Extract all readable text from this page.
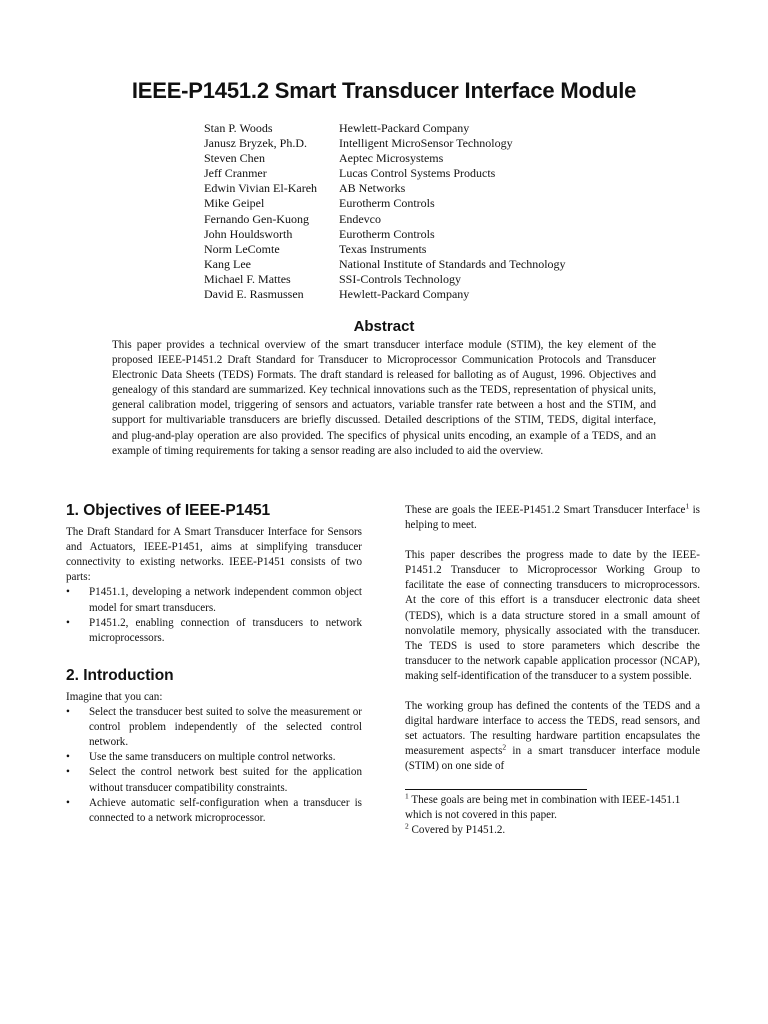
IEEE-P1451.2 Smart Transducer Interface Module
Stan P. Woods	Hewlett-Packard Company
Janusz Bryzek, Ph.D.	Intelligent MicroSensor Technology
Steven Chen	Aeptec Microsystems
Jeff Cranmer	Lucas Control Systems Products
Edwin Vivian El-Kareh	AB Networks
Mike Geipel	Eurotherm Controls
Fernando Gen-Kuong	Endevco
John Houldsworth	Eurotherm Controls
Norm LeComte	Texas Instruments
Kang Lee	National Institute of Standards and Technology
Michael F. Mattes	SSI-Controls Technology
David E. Rasmussen	Hewlett-Packard Company
Abstract
This paper provides a technical overview of the smart transducer interface module (STIM), the key element of the proposed IEEE-P1451.2 Draft Standard for Transducer to Microprocessor Communication Protocols and Transducer Electronic Data Sheets (TEDS) Formats. The draft standard is released for balloting as of August, 1996. Objectives and genealogy of this standard are summarized. Key technical innovations such as the TEDS, representation of physical units, general calibration model, triggering of sensors and actuators, variable transfer rate between a host and the STIM, and support for multivariable transducers are briefly discussed. Detailed descriptions of the STIM, TEDS, digital interface, and plug-and-play operation are also provided. The specifics of physical units encoding, an example of a TEDS, and an example of timing requirements for taking a sensor reading are also included to aid the overview.
1. Objectives of IEEE-P1451

The Draft Standard for A Smart Transducer Interface for Sensors and Actuators, IEEE-P1451, aims at simplifying transducer connectivity to existing networks. IEEE-P1451 consists of two parts:

• P1451.1, developing a network independent common object model for smart transducers.
• P1451.2, enabling connection of transducers to network microprocessors.
2. Introduction

Imagine that you can:

• Select the transducer best suited to solve the measurement or control problem independently of the selected control network.
• Use the same transducers on multiple control networks.
• Select the control network best suited for the application without transducer compatibility constraints.
• Achieve automatic self-configuration when a transducer is connected to a network microprocessor.

These are goals the IEEE-P1451.2 Smart Transducer Interface$^1$ is helping to meet.

This paper describes the progress made to date by the IEEE-P1451.2 Transducer to Microprocessor Working Group to facilitate the ease of connecting transducers to microprocessors. At the core of this effort is a transducer electronic data sheet (TEDS), which is a data structure stored in a small amount of nonvolatile memory, physically associated with the transducer. The TEDS is used to store parameters which describe the transducer to the network capable application processor (NCAP), making self-identification of the transducer to a system possible.

The working group has defined the contents of the TEDS and a digital hardware interface to access the TEDS, read sensors, and set actuators. The resulting hardware partition encapsulates the measurement aspects$^2$ in a smart transducer interface module (STIM) on one side of

$^1$ These goals are being met in combination with IEEE-1451.1 which is not covered in this paper.
$^2$ Covered by P1451.2.
